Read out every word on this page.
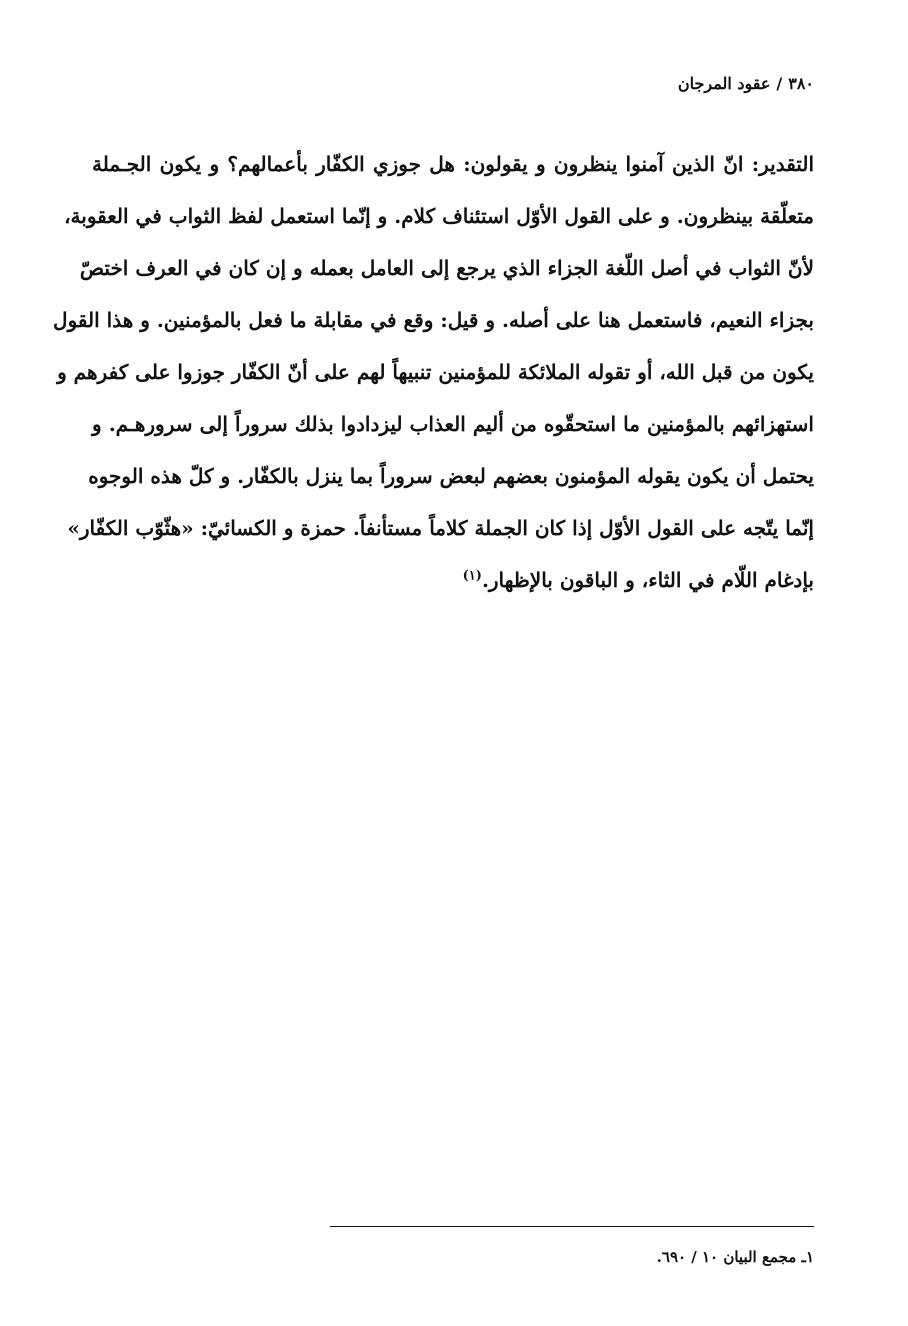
٣٨٠/عقود المرجان
التقدير: انّ الذين آمنوا ينظرون و يقولون: هل جوزي الكفّار بأعمالهم؟ و يكون الجـملة
متعلّقة بينظرون. و على القول الأوّل استئناف كلام. و إنّما استعمل لفظ الثواب في العقوبة،
لأنّ الثواب في أصل اللّغة الجزاء الذي يرجع إلى العامل بعمله و إن كان في العرف اختصّ
بجزاء النعيم، فاستعمل هنا على أصله. و قيل: وقع في مقابلة ما فعل بالمؤمنين. و هذا القول
يكون من قبل الله، أو تقوله الملائكة للمؤمنين تنبيهاً لهم على أنّ الكفّار جوزوا على كفرهم و
استهزائهم بالمؤمنين ما استحقّوه من أليم العذاب ليزدادوا بذلك سروراً إلى سرورهـم. و
يحتمل أن يكون يقوله المؤمنون بعضهم لبعض سروراً بما ينزل بالكفّار. و كلّ هذه الوجوه
إنّما يتّجه على القول الأوّل إذا كان الجملة كلاماً مستأنفاً. حمزة و الكسائيّ: «هثّوّب الكفّار»
بإدغام اللّام في الثاء، و الباقون بالإظهار.$^{(١)}$
١ـ مجمع البيان ١٠ / ٦٩٠.
